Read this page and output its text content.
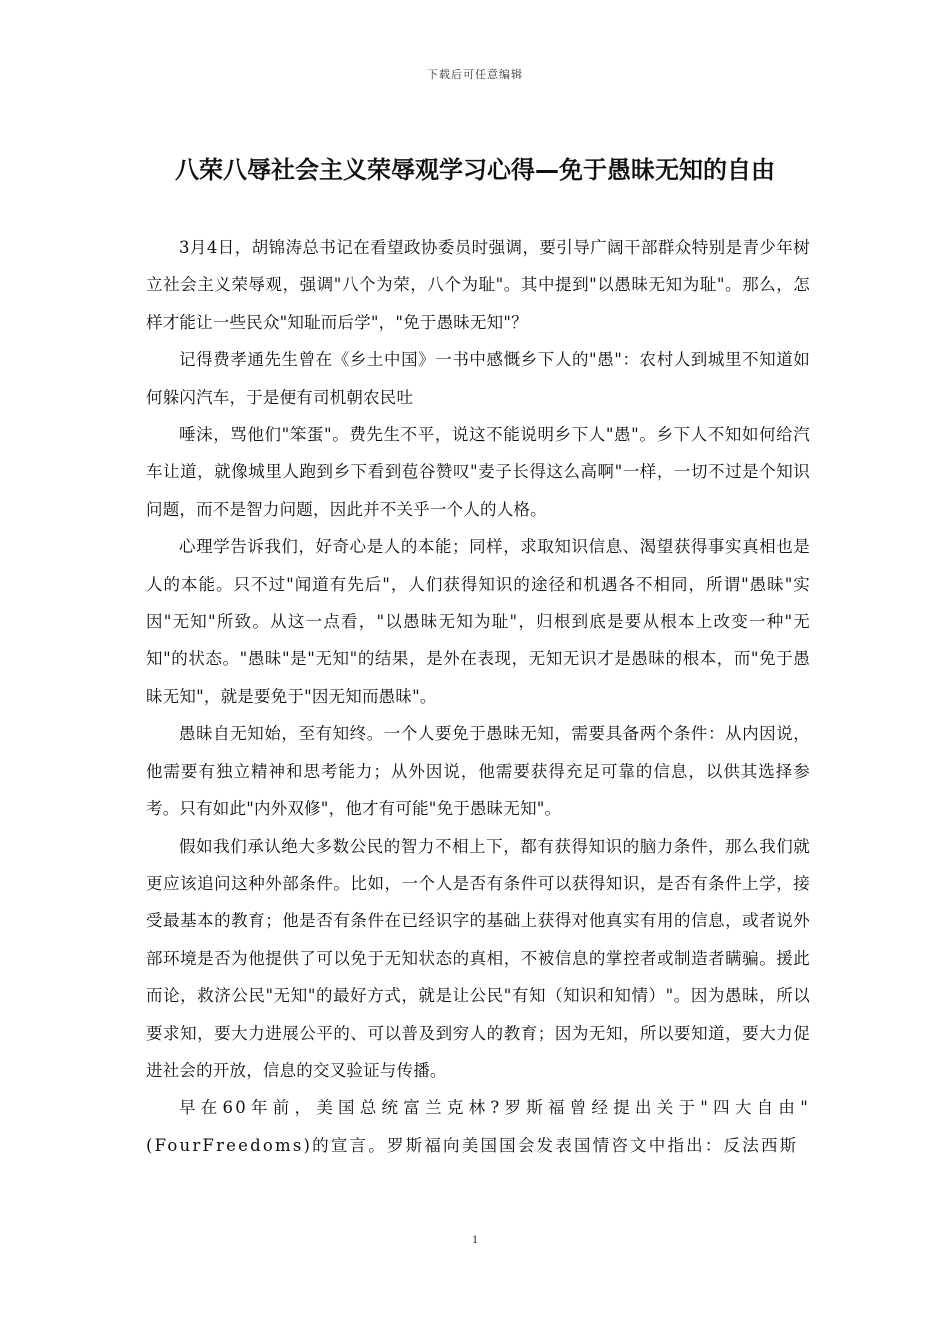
下载后可任意编辑
八荣八辱社会主义荣辱观学习心得—免于愚昧无知的自由

3月4日，胡锦涛总书记在看望政协委员时强调，要引导广阔干部群众特别是青少年树立社会主义荣辱观，强调"八个为荣，八个为耻"。其中提到"以愚昧无知为耻"。那么，怎样才能让一些民众"知耻而后学"，"免于愚昧无知"？

记得费孝通先生曾在《乡土中国》一书中感慨乡下人的"愚"：农村人到城里不知道如何躲闪汽车，于是便有司机朝农民吐

唾沫，骂他们"笨蛋"。费先生不平，说这不能说明乡下人"愚"。乡下人不知如何给汽车让道，就像城里人跑到乡下看到苞谷赞叹"麦子长得这么高啊"一样，一切不过是个知识问题，而不是智力问题，因此并不关乎一个人的人格。

心理学告诉我们，好奇心是人的本能；同样，求取知识信息、渴望获得事实真相也是人的本能。只不过"闻道有先后"，人们获得知识的途径和机遇各不相同，所谓"愚昧"实因"无知"所致。从这一点看，"以愚昧无知为耻"，归根到底是要从根本上改变一种"无知"的状态。"愚昧"是"无知"的结果，是外在表现，无知无识才是愚昧的根本，而"免于愚昧无知"，就是要免于"因无知而愚昧"。

愚昧自无知始，至有知终。一个人要免于愚昧无知，需要具备两个条件：从内因说，他需要有独立精神和思考能力；从外因说，他需要获得充足可靠的信息，以供其选择参考。只有如此"内外双修"，他才有可能"免于愚昧无知"。

假如我们承认绝大多数公民的智力不相上下，都有获得知识的脑力条件，那么我们就更应该追问这种外部条件。比如，一个人是否有条件可以获得知识，是否有条件上学，接受最基本的教育；他是否有条件在已经识字的基础上获得对他真实有用的信息，或者说外部环境是否为他提供了可以免于无知状态的真相，不被信息的掌控者或制造者瞒骗。援此而论，救济公民"无知"的最好方式，就是让公民"有知（知识和知情）"。因为愚昧，所以要求知，要大力进展公平的、可以普及到穷人的教育；因为无知，所以要知道，要大力促进社会的开放，信息的交叉验证与传播。

早在60年前，美国总统富兰克林?罗斯福曾经提出关于"四大自由"(FourFreedoms)的宣言。罗斯福向美国国会发表国情咨文中指出：反法西斯

1
